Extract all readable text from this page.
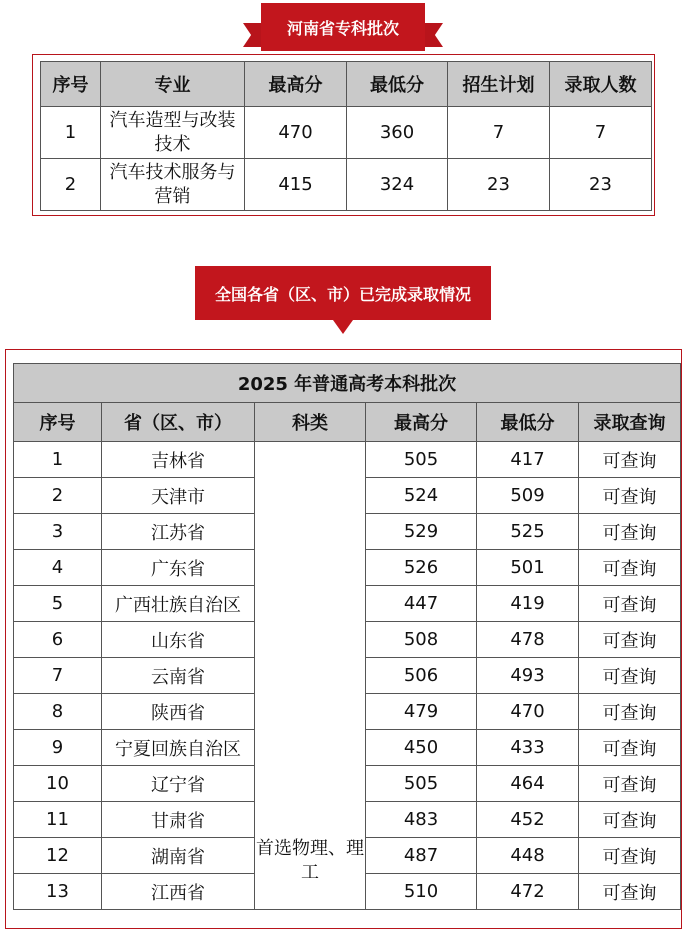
河南省专科批次
序号	专业	最高分	最低分	招生计划	录取人数
1	汽车造型与改装技术	470	360	7	7
2	汽车技术服务与营销	415	324	23	23
全国各省（区、市）已完成录取情况
2025 年普通高考本科批次					
序号	省（区、市）	科类	最高分	最低分	录取查询
1	吉林省	首选物理、理工	505	417	可查询
2	天津市		524	509	可查询
3	江苏省		529	525	可查询
4	广东省		526	501	可查询
5	广西壮族自治区		447	419	可查询
6	山东省		508	478	可查询
7	云南省		506	493	可查询
8	陕西省		479	470	可查询
9	宁夏回族自治区		450	433	可查询
10	辽宁省		505	464	可查询
11	甘肃省		483	452	可查询
12	湖南省		487	448	可查询
13	江西省		510	472	可查询
